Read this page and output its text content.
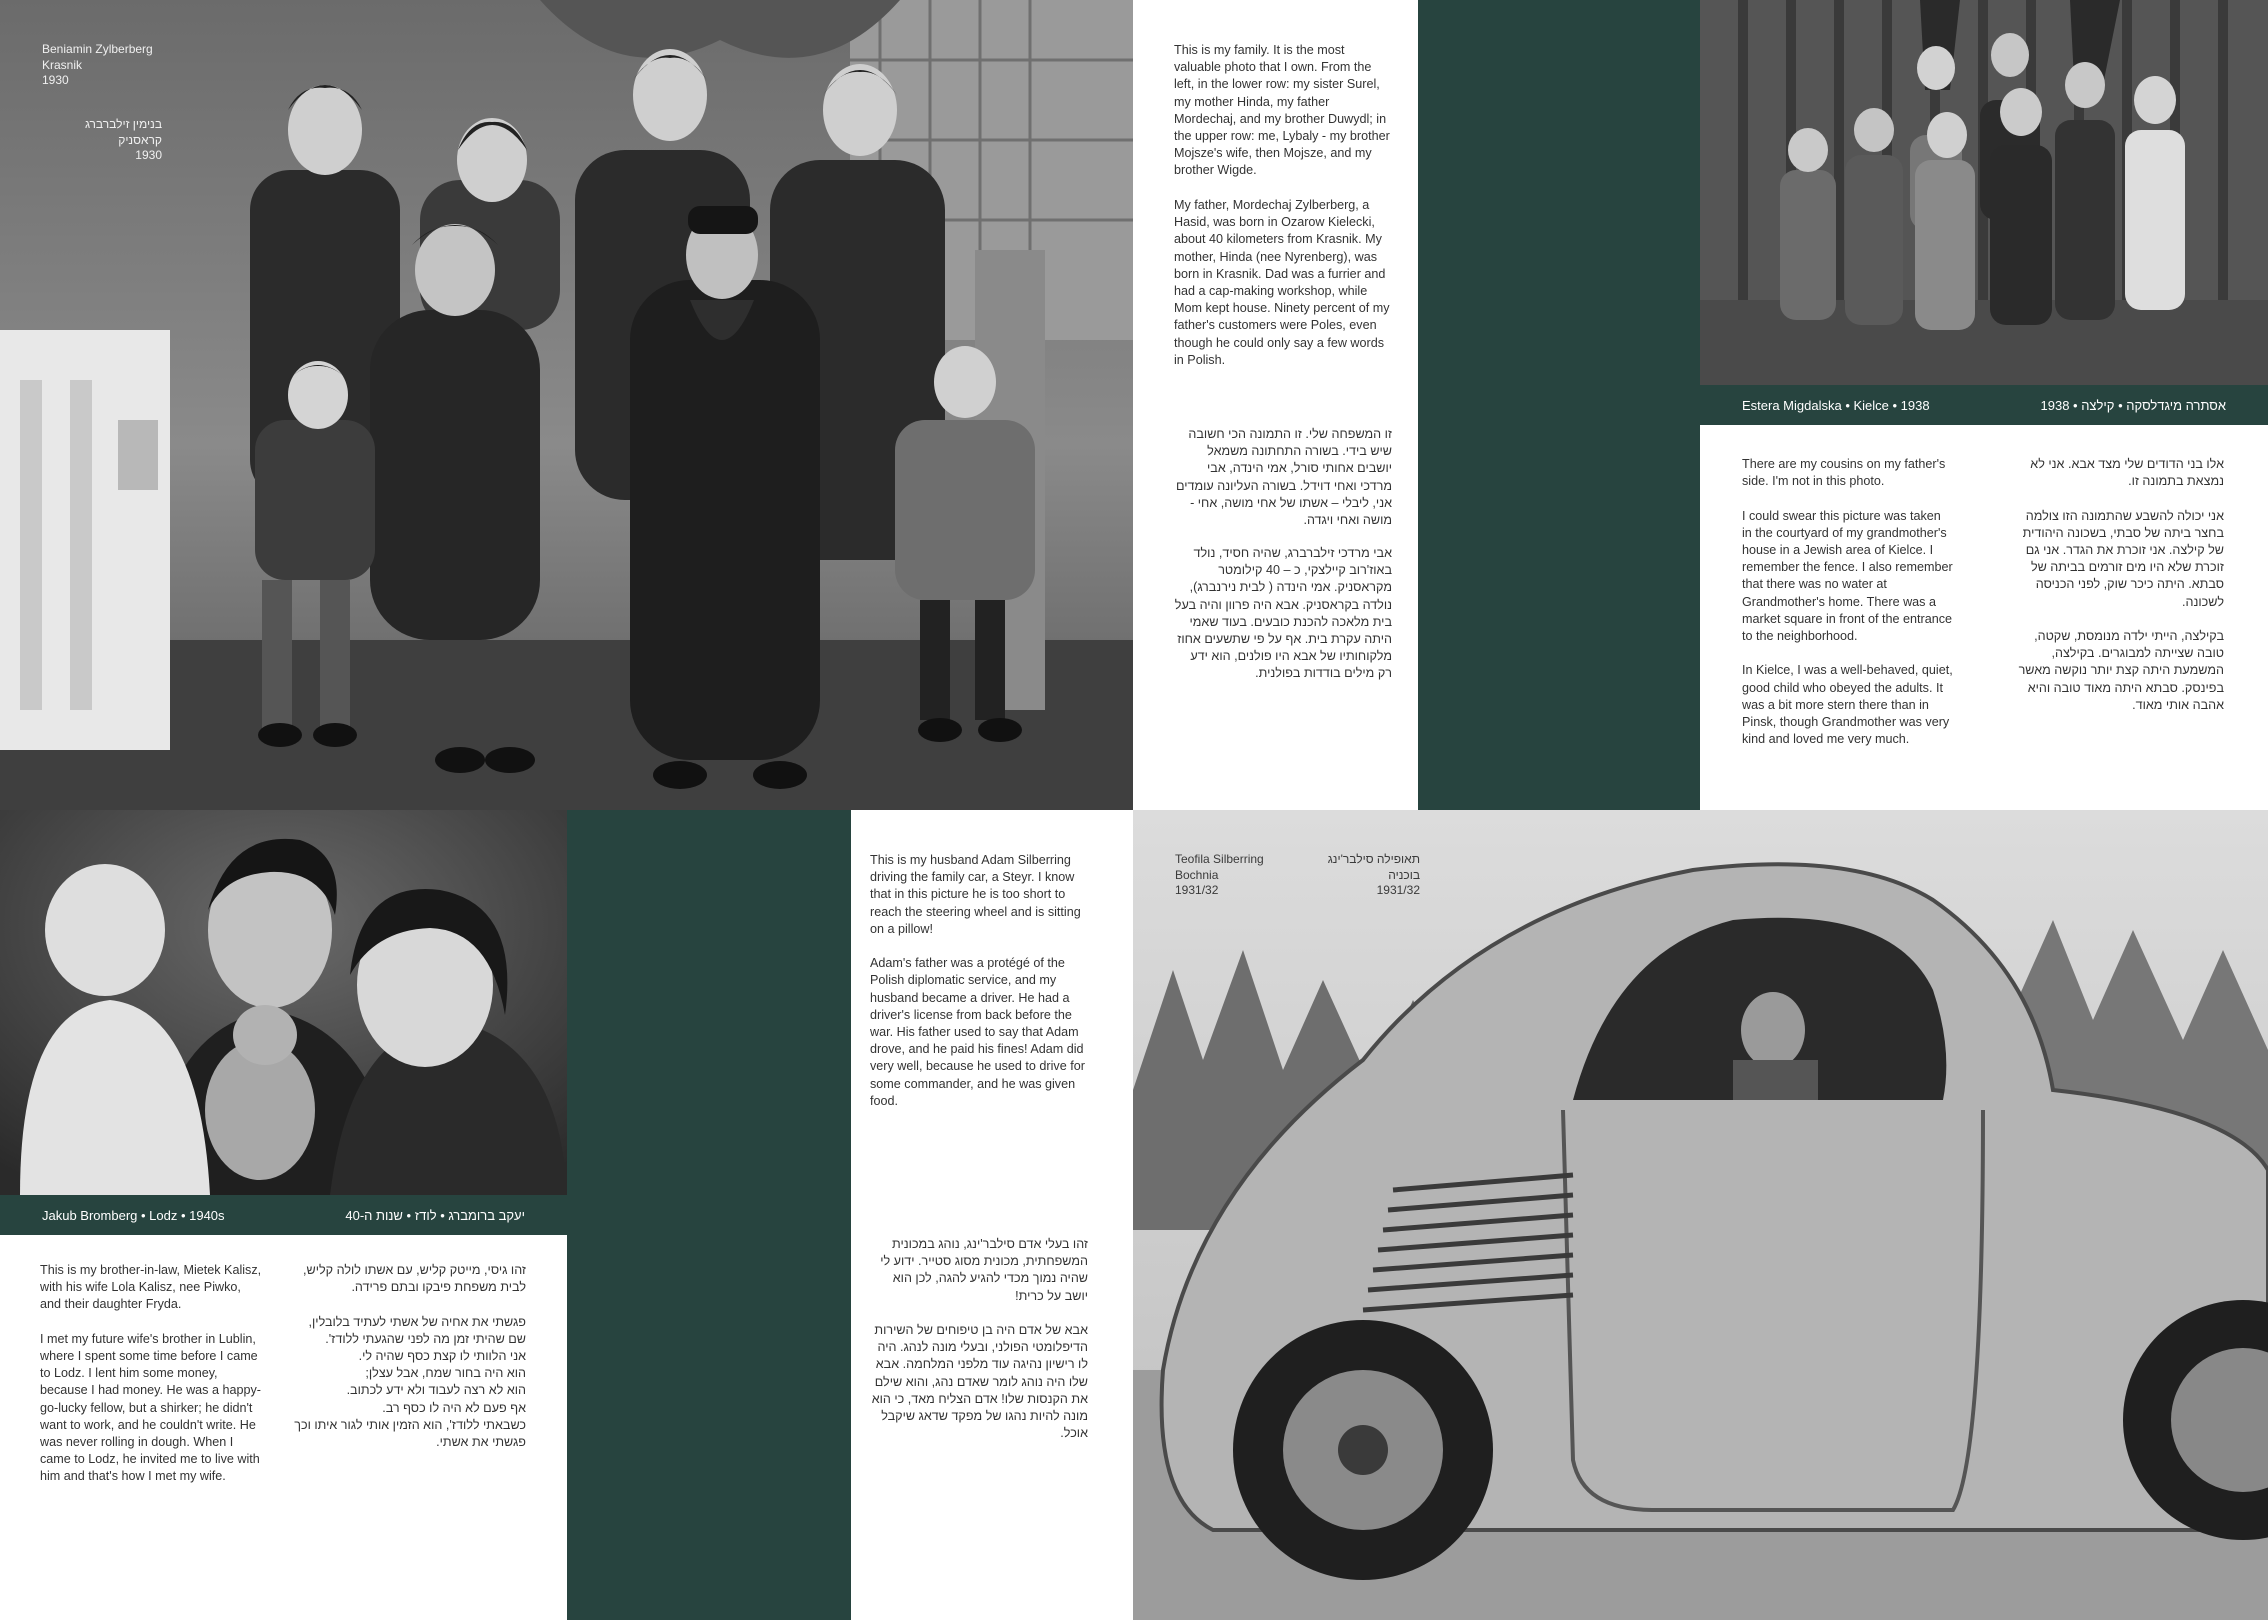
Beniamin Zylberberg
Krasnik
1930
בנימין זילברברג
קראסניק
1930
This is my family. It is the most valuable photo that I own. From the left, in the lower row: my sister Surel, my mother Hinda, my father Mordechaj, and my brother Duwydl; in the upper row: me, Lybaly - my brother Mojsze's wife, then Mojsze, and my brother Wigde.
My father, Mordechaj Zylberberg, a Hasid, was born in Ozarow Kielecki, about 40 kilometers from Krasnik. My mother, Hinda (nee Nyrenberg), was born in Krasnik. Dad was a furrier and had a cap-making workshop, while Mom kept house. Ninety percent of my father's customers were Poles, even though he could only say a few words in Polish.
זו המשפחה שלי. זו התמונה הכי חשובה שיש בידי. בשורה התחתונה משמאל יושבים אחותי סורל, אמי הינדה, אבי מרדכי ואחי דוידל. בשורה העליונה עומדים אני, ליבלי – אשתו של אחי מושה, אחי - מושה ואחי ויגדה.
אבי מרדכי זילברברג, שהיה חסיד, נולד באוז'רוב קיילצקי, כ – 40 קילומטר מקראסניק. אמי הינדה ( לבית נירנברג), נולדה בקראסניק. אבא היה פרוון והיה בעל בית מלאכה להכנת כובעים. בעוד שאמי היתה עקרת בית. אף על פי שתשעים אחוז מלקוחותיו של אבא היו פולנים, הוא ידע רק מילים בודדות בפולנית.
Estera Migdalska • Kielce • 1938	אסתרה מיגדלסקה • קילצה • 1938
There are my cousins on my father's side. I'm not in this photo.

I could swear this picture was taken in the courtyard of my grandmother's house in a Jewish area of Kielce. I remember the fence. I also remember that there was no water at Grandmother's home. There was a market square in front of the entrance to the neighborhood.

In Kielce, I was a well-behaved, quiet, good child who obeyed the adults. It was a bit more stern there than in Pinsk, though Grandmother was very kind and loved me very much.
אלו בני הדודים שלי מצד אבא. אני לא נמצאת בתמונה זו.

אני יכולה להשבע שהתמונה הזו צולמה בחצר ביתה של סבתי, בשכונה היהודית של קילצה. אני זוכרת את הגדר. אני גם זוכרת שלא היו מים זורמים בביתה של סבתא. היתה כיכר שוק, לפני הכניסה לשכונה.

בקילצה, הייתי ילדה מנומסת, שקטה, טובה שצייתה למבוגרים. בקילצה, המשמעת היתה קצת יותר נוקשה מאשר בפינסק. סבתא היתה מאוד טובה והיא אהבה אותי מאוד.
Jakub Bromberg • Lodz • 1940s	יעקב ברומברג • לודז • שנות ה-40
This is my brother-in-law, Mietek Kalisz, with his wife Lola Kalisz, nee Piwko, and their daughter Fryda.

I met my future wife's brother in Lublin, where I spent some time before I came to Lodz. I lent him some money, because I had money. He was a happy-go-lucky fellow, but a shirker; he didn't want to work, and he couldn't write. He was never rolling in dough. When I came to Lodz, he invited me to live with him and that's how I met my wife.
זהו גיסי, מייטק קליש, עם אשתו לולה קליש, לבית משפחת פיבקו ובתם פרידה.

פגשתי את אחיה של אשתי לעתיד בלובלין, שם שהיתי זמן מה לפני שהגעתי ללודז'.
אני הלוותי לו קצת כסף שהיה לי.
הוא היה בחור שמח, אבל עצלן;
הוא לא רצה לעבוד ולא ידע לכתוב.
אף פעם לא היה לו כסף רב.
כשבאתי ללודז', הוא הזמין אותי לגור איתו וכך פגשתי את אשתי.
This is my husband Adam Silberring driving the family car, a Steyr. I know that in this picture he is too short to reach the steering wheel and is sitting on a pillow!

Adam's father was a protégé of the Polish diplomatic service, and my husband became a driver. He had a driver's license from back before the war. His father used to say that Adam drove, and he paid his fines! Adam did very well, because he used to drive for some commander, and he was given food.
זהו בעלי אדם סילבר'ינג, נוהג במכונית המשפחתית, מכונית מסוג סטייר. ידוע לי שהיה נמוך מכדי להגיע להגה, לכן הוא יושב על כרית!

אבא של אדם היה בן טיפוחים של השירות הדיפלומטי הפולני, ובעלי מונה לנהג. היה לו רישיון נהיגה עוד מלפני המלחמה. אבא שלו היה נוהג לומר שאדם נהג, והוא שילם את הקנסות שלו! אדם הצליח מאד, כי הוא מונה להיות נהגו של מפקד שדאג שיקבל אוכל.
Teofila Silberring
Bochnia
1931/32
תאופילה סילבר'ינג
בוכניה
1931/32
